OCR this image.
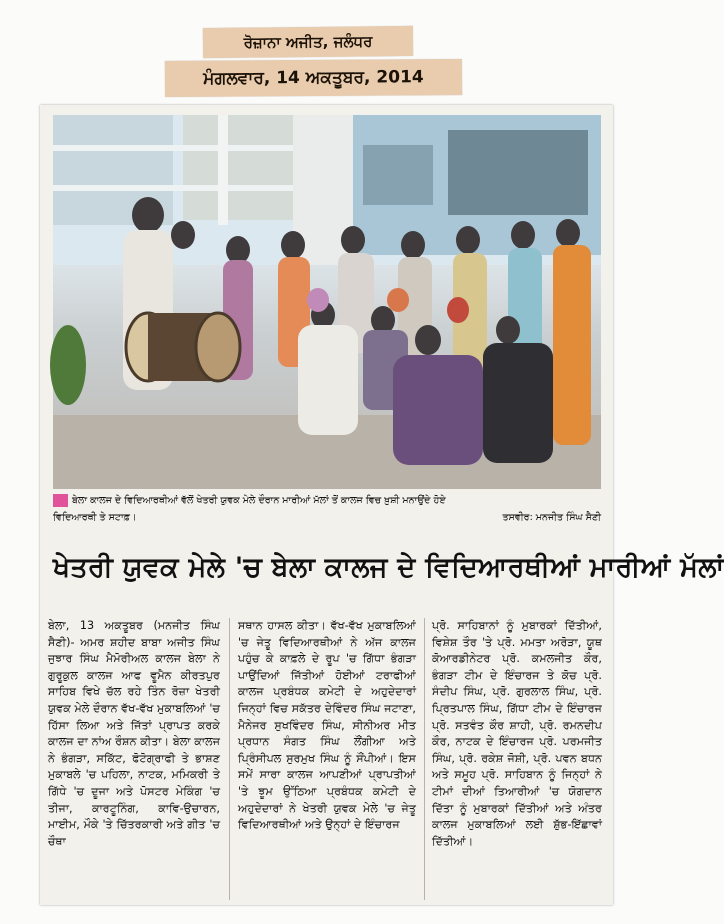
ਰੋਜ਼ਾਨਾ ਅਜੀਤ, ਜਲੰਧਰ
ਮੰਗਲਵਾਰ, 14 ਅਕਤੂਬਰ, 2014
ਬੇਲਾ ਕਾਲਜ ਦੇ ਵਿਦਿਆਰਥੀਆਂ ਵੱਲੋਂ ਖੇਤਰੀ ਯੁਵਕ ਮੇਲੇ ਦੌਰਾਨ ਮਾਰੀਆਂ ਮੱਲਾਂ ਤੋਂ ਕਾਲਜ ਵਿਚ ਖ਼ੁਸ਼ੀ ਮਨਾਉਂਦੇ ਹੋਏ
ਵਿਦਿਆਰਥੀ ਤੇ ਸਟਾਫ਼।	ਤਸਵੀਰ: ਮਨਜੀਤ ਸਿੰਘ ਸੈਣੀ
ਖੇਤਰੀ ਯੁਵਕ ਮੇਲੇ 'ਚ ਬੇਲਾ ਕਾਲਜ ਦੇ ਵਿਦਿਆਰਥੀਆਂ ਮਾਰੀਆਂ ਮੱਲਾਂ
ਬੇਲਾ, 13 ਅਕਤੂਬਰ (ਮਨਜੀਤ ਸਿੰਘ ਸੈਣੀ)- ਅਮਰ ਸ਼ਹੀਦ ਬਾਬਾ ਅਜੀਤ ਸਿੰਘ ਜੁਝਾਰ ਸਿੰਘ ਮੈਮੋਰੀਅਲ ਕਾਲਜ ਬੇਲਾ ਨੇ ਗੁਰੂਕੁਲ ਕਾਲਜ ਆਫ ਵੂਮੈਨ ਕੀਰਤਪੁਰ ਸਾਹਿਬ ਵਿਖੇ ਚੱਲ ਰਹੇ ਤਿੰਨ ਰੋਜ਼ਾ ਖੇਤਰੀ ਯੁਵਕ ਮੇਲੇ ਦੌਰਾਨ ਵੱਖ-ਵੱਖ ਮੁਕਾਬਲਿਆਂ 'ਚ ਹਿੱਸਾ ਲਿਆ ਅਤੇ ਜਿੱਤਾਂ ਪ੍ਰਾਪਤ ਕਰਕੇ ਕਾਲਜ ਦਾ ਨਾਂਅ ਰੌਸ਼ਨ ਕੀਤਾ। ਬੇਲਾ ਕਾਲਜ ਨੇ ਭੰਗੜਾ, ਸਕਿੱਟ, ਫੋਟੋਗ੍ਰਾਫੀ ਤੇ ਭਾਸ਼ਣ ਮੁਕਾਬਲੇ 'ਚ ਪਹਿਲਾ, ਨਾਟਕ, ਮਮਿਕਰੀ ਤੇ ਗਿੱਧੇ 'ਚ ਦੂਜਾ ਅਤੇ ਪੋਸਟਰ ਮੇਕਿੰਗ 'ਚ ਤੀਜਾ, ਕਾਰਟੂਨਿੰਗ, ਕਾਵਿ-ਉਚਾਰਨ, ਮਾਈਮ, ਮੌਕੇ 'ਤੇ ਚਿੱਤਰਕਾਰੀ ਅਤੇ ਗੀਤ 'ਚ ਚੌਥਾ
ਸਥਾਨ ਹਾਸਲ ਕੀਤਾ। ਵੱਖ-ਵੱਖ ਮੁਕਾਬਲਿਆਂ 'ਚ ਜੇਤੂ ਵਿਦਿਆਰਥੀਆਂ ਨੇ ਅੱਜ ਕਾਲਜ ਪਹੁੰਚ ਕੇ ਕਾਫ਼ਲੇ ਦੇ ਰੂਪ 'ਚ ਗਿੱਧਾ ਭੰਗੜਾ ਪਾਉਂਦਿਆਂ ਜਿੱਤੀਆਂ ਹੋਈਆਂ ਟਰਾਫੀਆਂ ਕਾਲਜ ਪ੍ਰਬੰਧਕ ਕਮੇਟੀ ਦੇ ਅਹੁਦੇਦਾਰਾਂ ਜਿਨ੍ਹਾਂ ਵਿਚ ਸਕੱਤਰ ਦੇਵਿੰਦਰ ਸਿੰਘ ਜਟਾਣਾ, ਮੈਨੇਜਰ ਸੁਖਵਿੰਦਰ ਸਿੰਘ, ਸੀਨੀਅਰ ਮੀਤ ਪ੍ਰਧਾਨ ਸੰਗਤ ਸਿੰਘ ਲੌਂਗੀਆ ਅਤੇ ਪ੍ਰਿੰਸੀਪਲ ਸੁਰਮੁਖ ਸਿੰਘ ਨੂੰ ਸੌਂਪੀਆਂ। ਇਸ ਸਮੇਂ ਸਾਰਾ ਕਾਲਜ ਆਪਣੀਆਂ ਪ੍ਰਾਪਤੀਆਂ 'ਤੇ ਝੂਮ ਉੱਠਿਆ ਪ੍ਰਬੰਧਕ ਕਮੇਟੀ ਦੇ ਅਹੁਦੇਦਾਰਾਂ ਨੇ ਖੇਤਰੀ ਯੁਵਕ ਮੇਲੇ 'ਚ ਜੇਤੂ ਵਿਦਿਆਰਥੀਆਂ ਅਤੇ ਉਨ੍ਹਾਂ ਦੇ ਇੰਚਾਰਜ
ਪ੍ਰੋ. ਸਾਹਿਬਾਨਾਂ ਨੂੰ ਮੁਬਾਰਕਾਂ ਦਿੱਤੀਆਂ, ਵਿਸ਼ੇਸ਼ ਤੌਰ 'ਤੇ ਪ੍ਰੋ. ਮਮਤਾ ਅਰੋੜਾ, ਯੂਥ ਕੋਆਰਡੀਨੇਟਰ ਪ੍ਰੋ. ਕਮਲਜੀਤ ਕੌਰ, ਭੰਗੜਾ ਟੀਮ ਦੇ ਇੰਚਾਰਜ ਤੇ ਕੋਚ ਪ੍ਰੋ. ਸੰਦੀਪ ਸਿੰਘ, ਪ੍ਰੋ. ਗੁਰਲਾਲ ਸਿੰਘ, ਪ੍ਰੋ. ਪ੍ਰਿਤਪਾਲ ਸਿੰਘ, ਗਿੱਧਾ ਟੀਮ ਦੇ ਇੰਚਾਰਜ ਪ੍ਰੋ. ਸਤਵੰਤ ਕੌਰ ਸ਼ਾਹੀ, ਪ੍ਰੋ. ਰਮਨਦੀਪ ਕੌਰ, ਨਾਟਕ ਦੇ ਇੰਚਾਰਜ ਪ੍ਰੋ. ਪਰਮਜੀਤ ਸਿੰਘ, ਪ੍ਰੋ. ਰਕੇਸ਼ ਜੋਸ਼ੀ, ਪ੍ਰੋ. ਪਵਨ ਬਧਨ ਅਤੇ ਸਮੂਹ ਪ੍ਰੋ. ਸਾਹਿਬਾਨ ਨੂੰ ਜਿਨ੍ਹਾਂ ਨੇ ਟੀਮਾਂ ਦੀਆਂ ਤਿਆਰੀਆਂ 'ਚ ਯੋਗਦਾਨ ਦਿੱਤਾ ਨੂੰ ਮੁਬਾਰਕਾਂ ਦਿੱਤੀਆਂ ਅਤੇ ਅੰਤਰ ਕਾਲਜ ਮੁਕਾਬਲਿਆਂ ਲਈ ਸ਼ੁੱਭ-ਇੱਛਾਵਾਂ ਦਿੱਤੀਆਂ।
